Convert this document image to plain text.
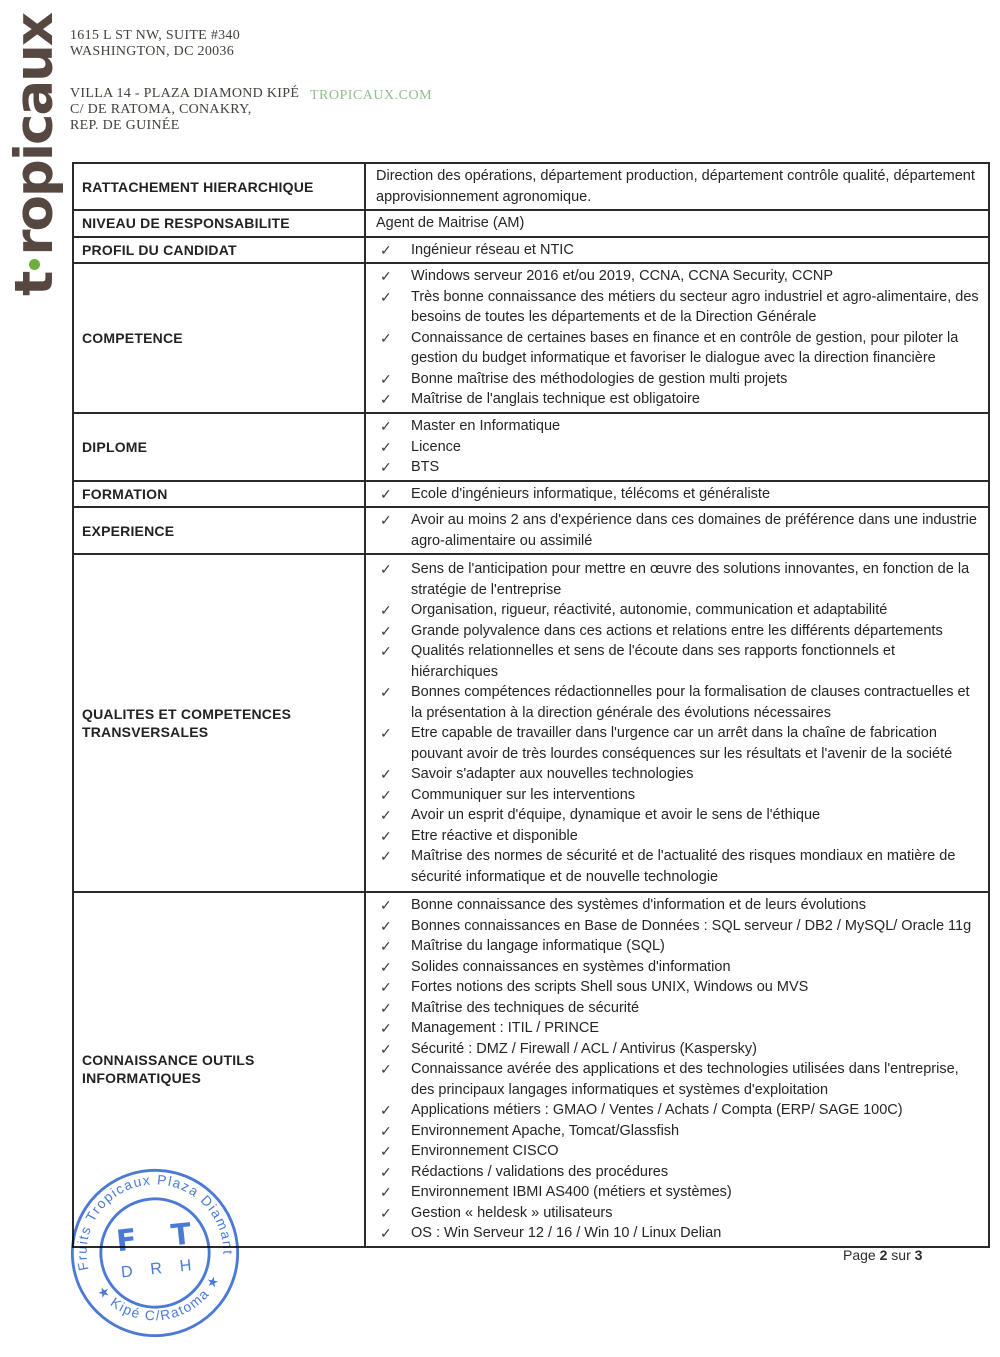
tropicaux 1615 L ST NW, SUITE #340
WASHINGTON, DC 20036
VILLA 14 - PLAZA DIAMOND KIPÉ
C/ DE RATOMA, CONAKRY,
REP. DE GUINÉE
TROPICAUX.COM
RATTACHEMENT HIERARCHIQUE	Direction des opérations, département production, département contrôle qualité, département approvisionnement agronomique.

NIVEAU DE RESPONSABILITE	Agent de Maitrise (AM)

PROFIL DU CANDIDAT	✓ Ingénieur réseau et NTIC

COMPETENCE	
✓	Windows serveur 2016 et/ou 2019, CCNA, CCNA Security, CCNP
✓	Très bonne connaissance des métiers du secteur agro industriel et agro-alimentaire, des besoins de toutes les départements et de la Direction Générale
✓	Connaissance de certaines bases en finance et en contrôle de gestion, pour piloter la gestion du budget informatique et favoriser le dialogue avec la direction financière
✓	Bonne maîtrise des méthodologies de gestion multi projets
✓	Maîtrise de l'anglais technique est obligatoire

DIPLOME	
✓	Master en Informatique
✓	Licence
✓	BTS

FORMATION	✓ Ecole d'ingénieurs informatique, télécoms et généraliste

EXPERIENCE	✓ Avoir au moins 2 ans d'expérience dans ces domaines de préférence dans une industrie agro-alimentaire ou assimilé

QUALITES ET COMPETENCES TRANSVERSALES	
✓	Sens de l'anticipation pour mettre en œuvre des solutions innovantes, en fonction de la stratégie de l'entreprise
✓	Organisation, rigueur, réactivité, autonomie, communication et adaptabilité
✓	Grande polyvalence dans ces actions et relations entre les différents départements
✓	Qualités relationnelles et sens de l'écoute dans ses rapports fonctionnels et hiérarchiques
✓	Bonnes compétences rédactionnelles pour la formalisation de clauses contractuelles et la présentation à la direction générale des évolutions nécessaires
✓	Etre capable de travailler dans l'urgence car un arrêt dans la chaîne de fabrication pouvant avoir de très lourdes conséquences sur les résultats et l'avenir de la société
✓	Savoir s'adapter aux nouvelles technologies
✓	Communiquer sur les interventions
✓	Avoir un esprit d'équipe, dynamique et avoir le sens de l'éthique
✓	Etre réactive et disponible
✓	Maîtrise des normes de sécurité et de l'actualité des risques mondiaux en matière de sécurité informatique et de nouvelle technologie

CONNAISSANCE OUTILS INFORMATIQUES	
✓	Bonne connaissance des systèmes d'information et de leurs évolutions
✓	Bonnes connaissances en Base de Données : SQL serveur / DB2 / MySQL/ Oracle 11g
✓	Maîtrise du langage informatique (SQL)
✓	Solides connaissances en systèmes d'information
✓	Fortes notions des scripts Shell sous UNIX, Windows ou MVS
✓	Maîtrise des techniques de sécurité
✓	Management : ITIL / PRINCE
✓	Sécurité : DMZ / Firewall / ACL / Antivirus (Kaspersky)
✓	Connaissance avérée des applications et des technologies utilisées dans l'entreprise, des principaux langages informatiques et systèmes d'exploitation
✓	Applications métiers : GMAO / Ventes / Achats / Compta (ERP/ SAGE 100C)
✓	Environnement Apache, Tomcat/Glassfish
✓	Environnement CISCO
✓	Rédactions / validations des procédures
✓	Environnement IBMI AS400 (métiers et systèmes)
✓	Gestion « heldesk » utilisateurs
✓	OS : Win Serveur 12 / 16 / Win 10 / Linux Delian
Fruits Tropicaux Plaza Diamant
★ Kipé C/Ratoma ★
F T
D R H
Page 2 sur 3
